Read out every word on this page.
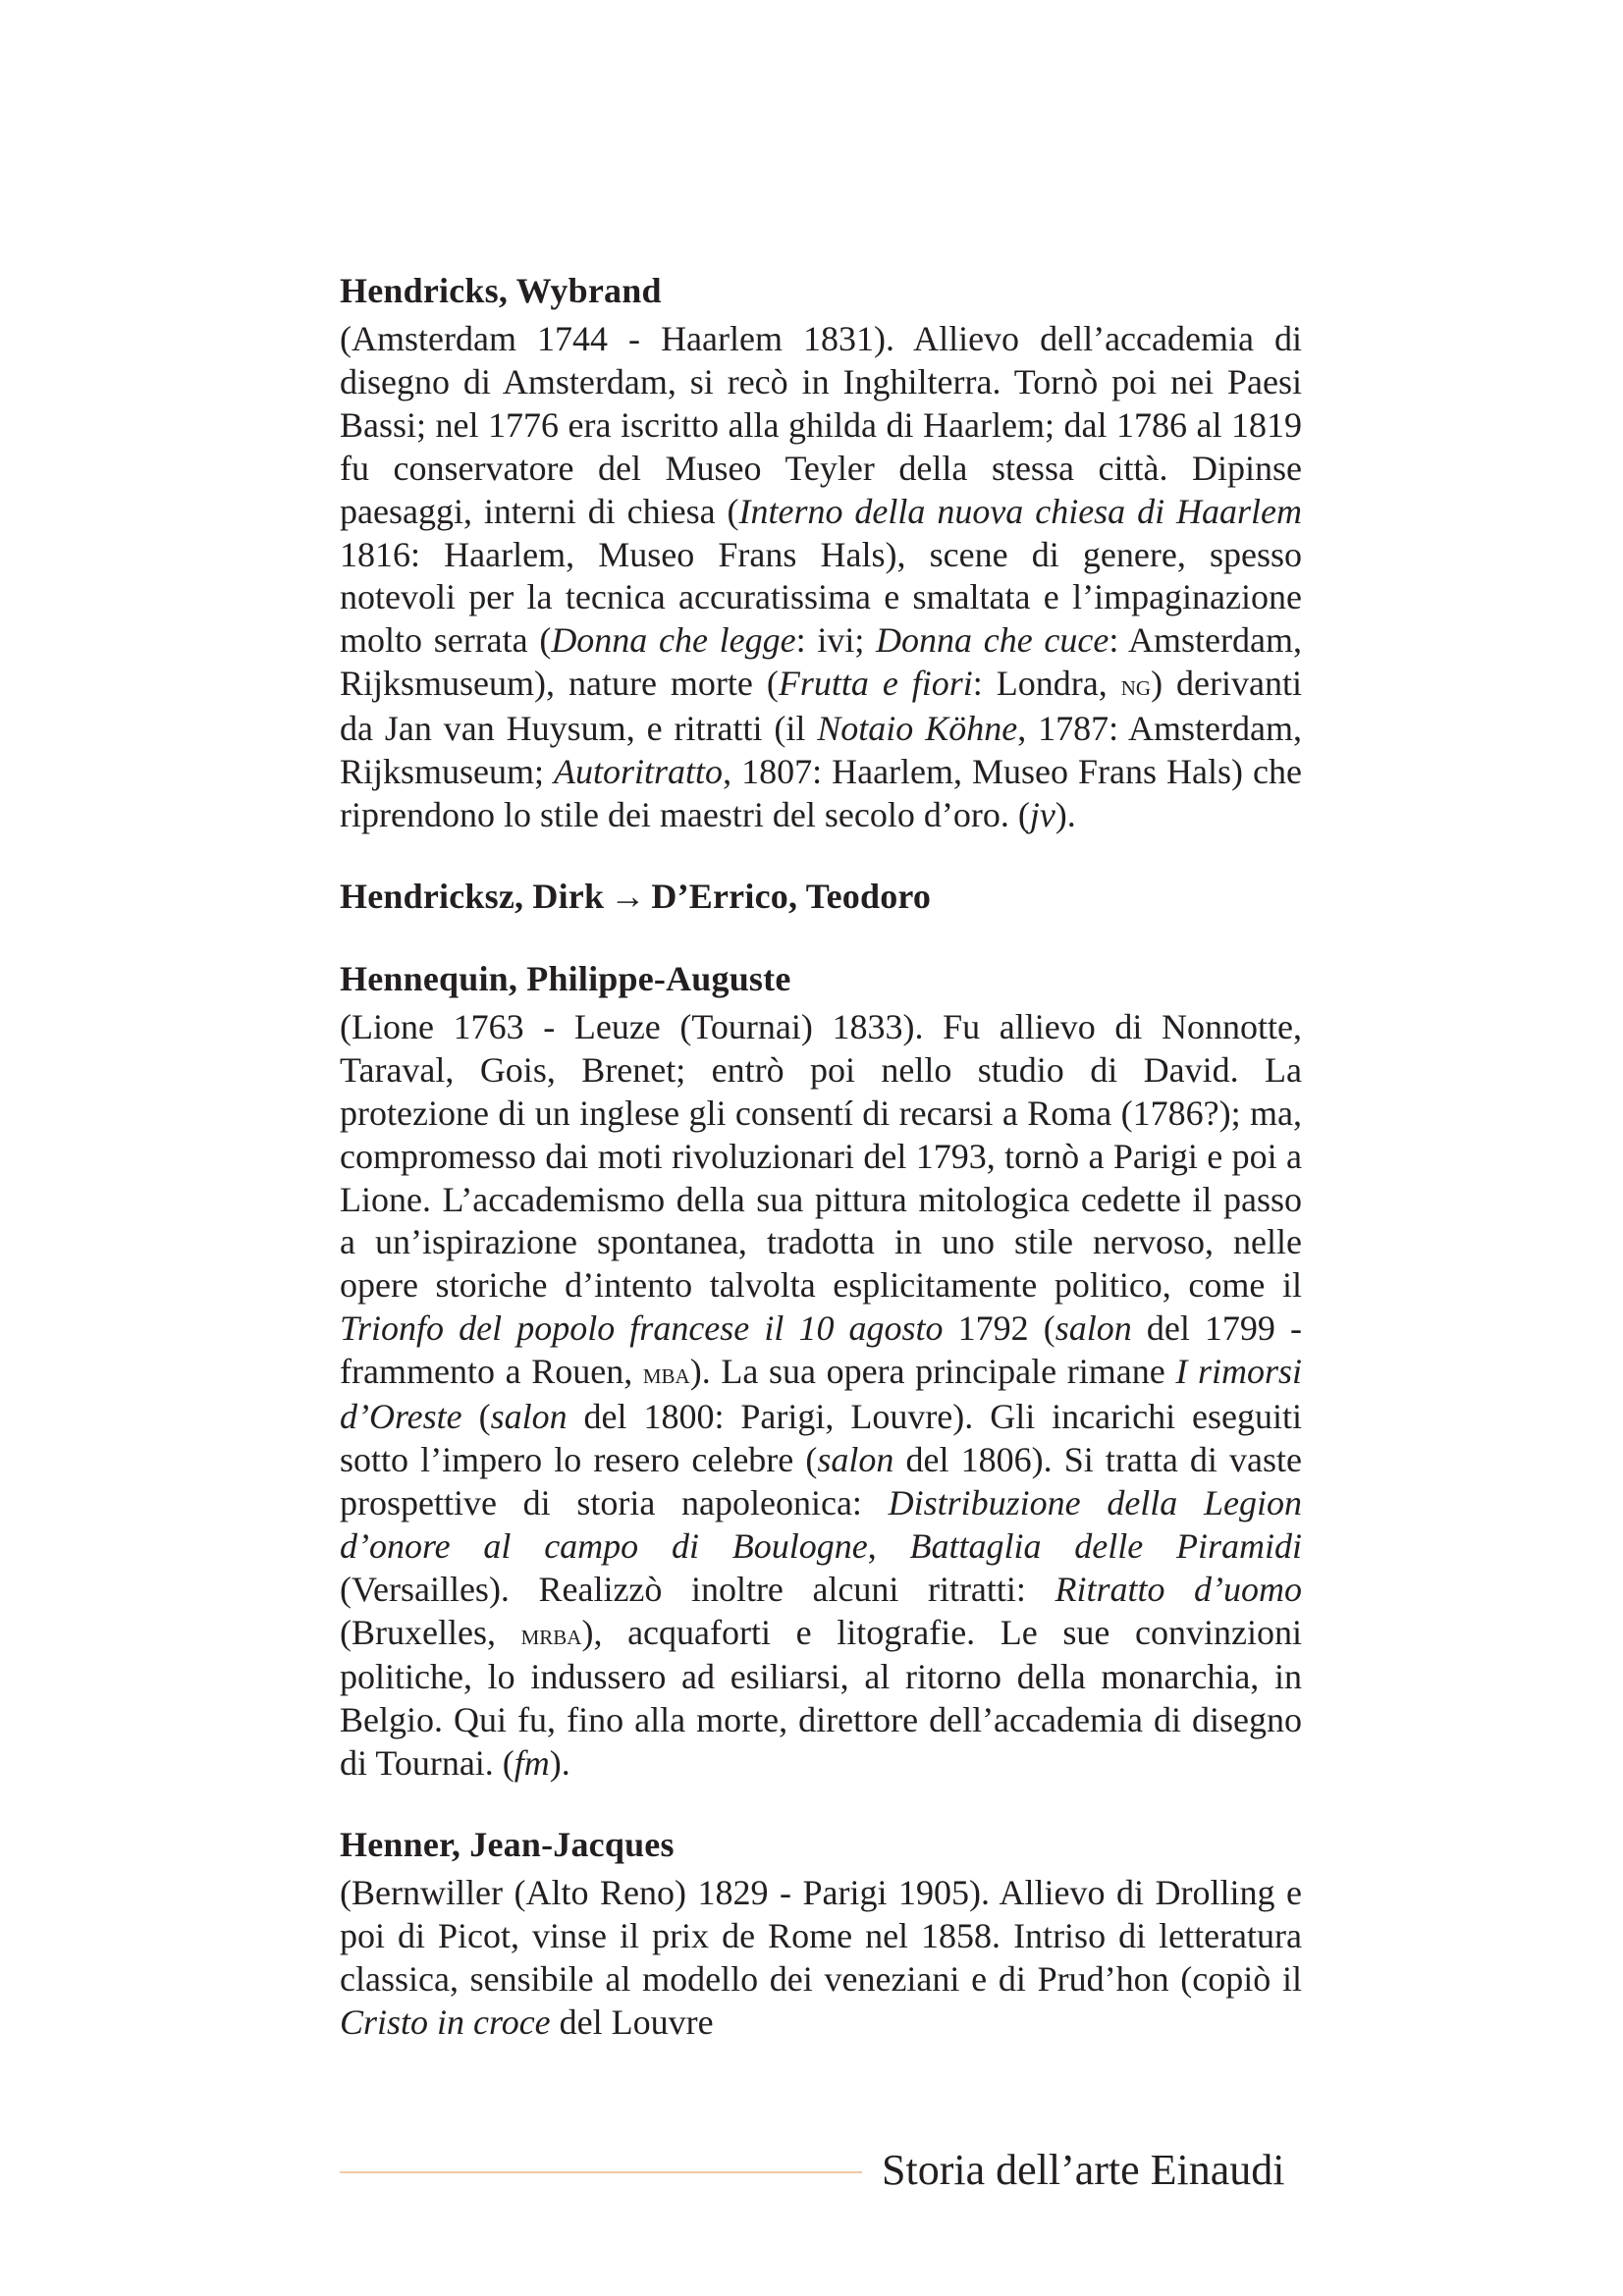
Hendricks, Wybrand

(Amsterdam 1744 - Haarlem 1831). Allievo dell’accademia di disegno di Amsterdam, si recò in Inghilterra. Tornò poi nei Paesi Bassi; nel 1776 era iscritto alla ghilda di Haarlem; dal 1786 al 1819 fu conservatore del Museo Teyler della stessa città. Dipinse paesaggi, interni di chiesa (Interno della nuova chiesa di Haarlem 1816: Haarlem, Museo Frans Hals), scene di genere, spesso notevoli per la tecnica accuratissima e smaltata e l’impaginazione molto serrata (Donna che legge: ivi; Donna che cuce: Amsterdam, Rijksmuseum), nature morte (Frutta e fiori: Londra, ng) derivanti da Jan van Huysum, e ritratti (il Notaio Köhne, 1787: Amsterdam, Rijksmuseum; Autoritratto, 1807: Haarlem, Museo Frans Hals) che riprendono lo stile dei maestri del secolo d’oro. (jv).

Hendricksz, Dirk → D’Errico, Teodoro
Hennequin, Philippe-Auguste

(Lione 1763 - Leuze (Tournai) 1833). Fu allievo di Nonnotte, Taraval, Gois, Brenet; entrò poi nello studio di David. La protezione di un inglese gli consentí di recarsi a Roma (1786?); ma, compromesso dai moti rivoluzionari del 1793, tornò a Parigi e poi a Lione. L’accademismo della sua pittura mitologica cedette il passo a un’ispirazione spontanea, tradotta in uno stile nervoso, nelle opere storiche d’intento talvolta esplicitamente politico, come il Trionfo del popolo francese il 10 agosto 1792 (salon del 1799 - frammento a Rouen, mba). La sua opera principale rimane I rimorsi d’Oreste (salon del 1800: Parigi, Louvre). Gli incarichi eseguiti sotto l’impero lo resero celebre (salon del 1806). Si tratta di vaste prospettive di storia napoleonica: Distribuzione della Legion d’onore al campo di Boulogne, Battaglia delle Piramidi (Versailles). Realizzò inoltre alcuni ritratti: Ritratto d’uomo (Bruxelles, mrba), acquaforti e litografie. Le sue convinzioni politiche, lo indussero ad esiliarsi, al ritorno della monarchia, in Belgio. Qui fu, fino alla morte, direttore dell’accademia di disegno di Tournai. (fm).

Henner, Jean-Jacques

(Bernwiller (Alto Reno) 1829 - Parigi 1905). Allievo di Drolling e poi di Picot, vinse il prix de Rome nel 1858. Intriso di letteratura classica, sensibile al modello dei veneziani e di Prud’hon (copiò il Cristo in croce del Louvre

Storia dell’arte Einaudi
